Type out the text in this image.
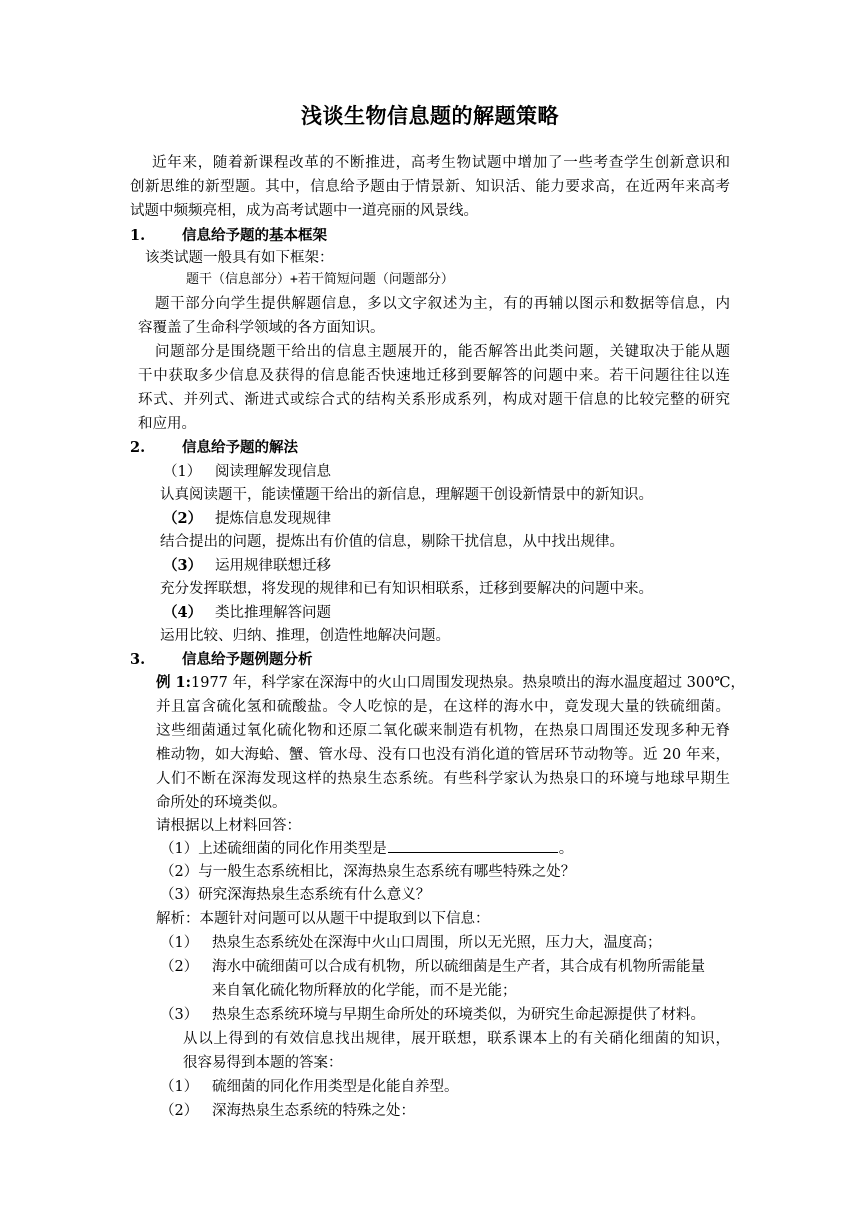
浅谈生物信息题的解题策略
近年来，随着新课程改革的不断推进，高考生物试题中增加了一些考查学生创新意识和
创新思维的新型题。其中，信息给予题由于情景新、知识活、能力要求高，在近两年来高考
试题中频频亮相，成为高考试题中一道亮丽的风景线。
1.	信息给予题的基本框架
该类试题一般具有如下框架：
题干（信息部分）+若干简短问题（问题部分）
题干部分向学生提供解题信息，多以文字叙述为主，有的再辅以图示和数据等信息，内
容覆盖了生命科学领域的各方面知识。
问题部分是围绕题干给出的信息主题展开的，能否解答出此类问题，关键取决于能从题
干中获取多少信息及获得的信息能否快速地迁移到要解答的问题中来。若干问题往往以连
环式、并列式、渐进式或综合式的结构关系形成系列，构成对题干信息的比较完整的研究
和应用。
2.	信息给予题的解法
（1） 阅读理解发现信息
认真阅读题干，能读懂题干给出的新信息，理解题干创设新情景中的新知识。
（2） 提炼信息发现规律
结合提出的问题，提炼出有价值的信息，剔除干扰信息，从中找出规律。
（3） 运用规律联想迁移
充分发挥联想，将发现的规律和已有知识相联系，迁移到要解决的问题中来。
（4） 类比推理解答问题
运用比较、归纳、推理，创造性地解决问题。
3.	信息给予题例题分析
例 1:1977 年，科学家在深海中的火山口周围发现热泉。热泉喷出的海水温度超过 300℃，
并且富含硫化氢和硫酸盐。令人吃惊的是，在这样的海水中，竟发现大量的铁硫细菌。
这些细菌通过氧化硫化物和还原二氧化碳来制造有机物，在热泉口周围还发现多种无脊
椎动物，如大海蛤、蟹、管水母、没有口也没有消化道的管居环节动物等。近 20 年来，
人们不断在深海发现这样的热泉生态系统。有些科学家认为热泉口的环境与地球早期生
命所处的环境类似。
请根据以上材料回答：
（1）上述硫细菌的同化作用类型是	。
（2）与一般生态系统相比，深海热泉生态系统有哪些特殊之处？
（3）研究深海热泉生态系统有什么意义？
解析：本题针对问题可以从题干中提取到以下信息：
（1） 热泉生态系统处在深海中火山口周围，所以无光照，压力大，温度高；
（2） 海水中硫细菌可以合成有机物，所以硫细菌是生产者，其合成有机物所需能量
来自氧化硫化物所释放的化学能，而不是光能；
（3） 热泉生态系统环境与早期生命所处的环境类似，为研究生命起源提供了材料。
从以上得到的有效信息找出规律，展开联想，联系课本上的有关硝化细菌的知识，
很容易得到本题的答案：
（1） 硫细菌的同化作用类型是化能自养型。
（2） 深海热泉生态系统的特殊之处：
